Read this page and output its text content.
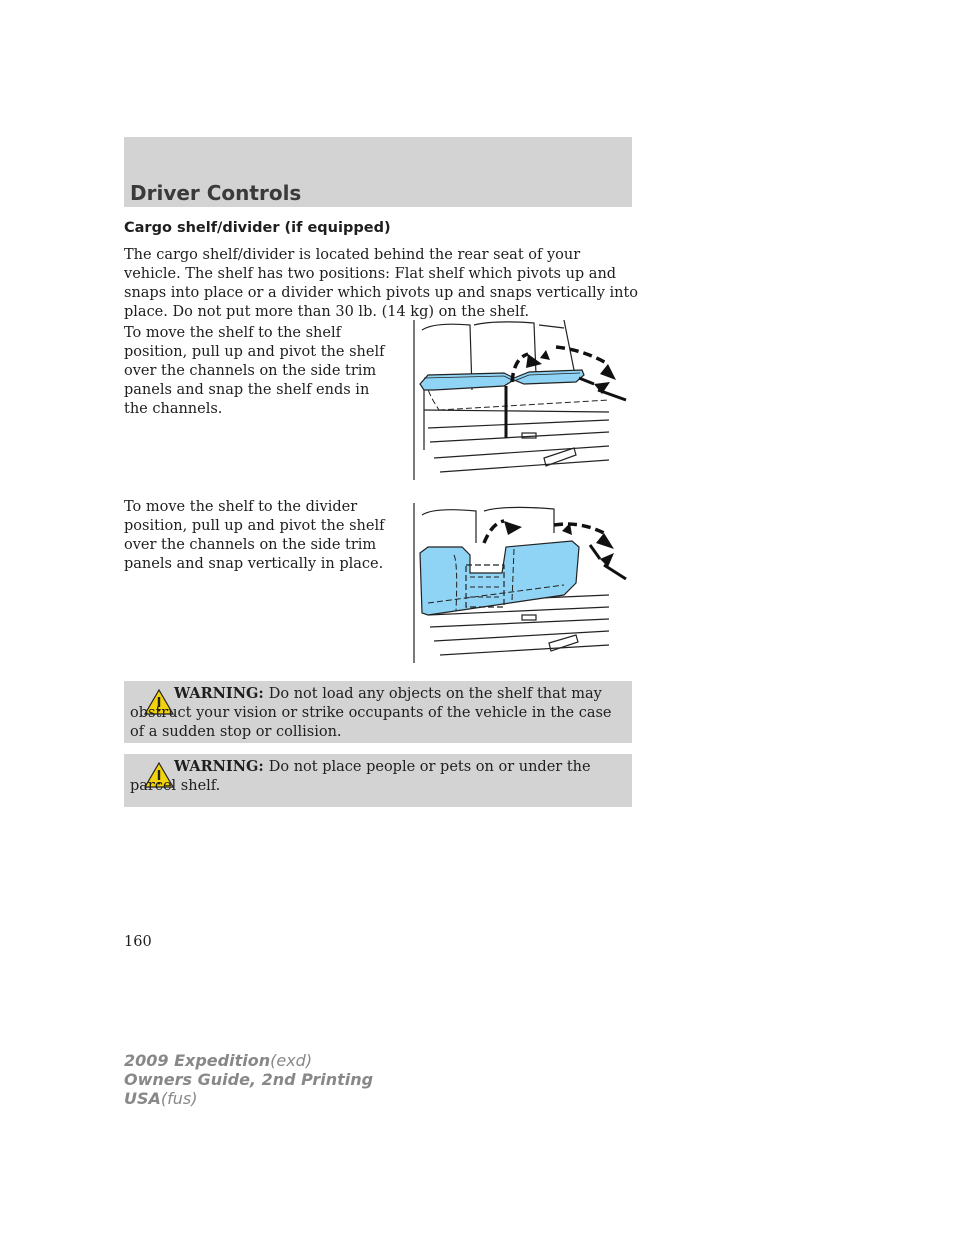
Driver Controls
Cargo shelf/divider (if equipped)

The cargo shelf/divider is located behind the rear seat of your vehicle. The shelf has two positions: Flat shelf which pivots up and snaps into place or a divider which pivots up and snaps vertically into place. Do not put more than 30 lb. (14 kg) on the shelf.

To move the shelf to the shelf position, pull up and pivot the shelf over the channels on the side trim panels and snap the shelf ends in the channels.

To move the shelf to the divider position, pull up and pivot the shelf over the channels on the side trim panels and snap vertically in place.

WARNING: Do not load any objects on the shelf that may obstruct your vision or strike occupants of the vehicle in the case of a sudden stop or collision.
WARNING: Do not place people or pets on or under the parcel shelf.
160
2009 Expedition(exd)
Owners Guide, 2nd Printing
USA(fus)
